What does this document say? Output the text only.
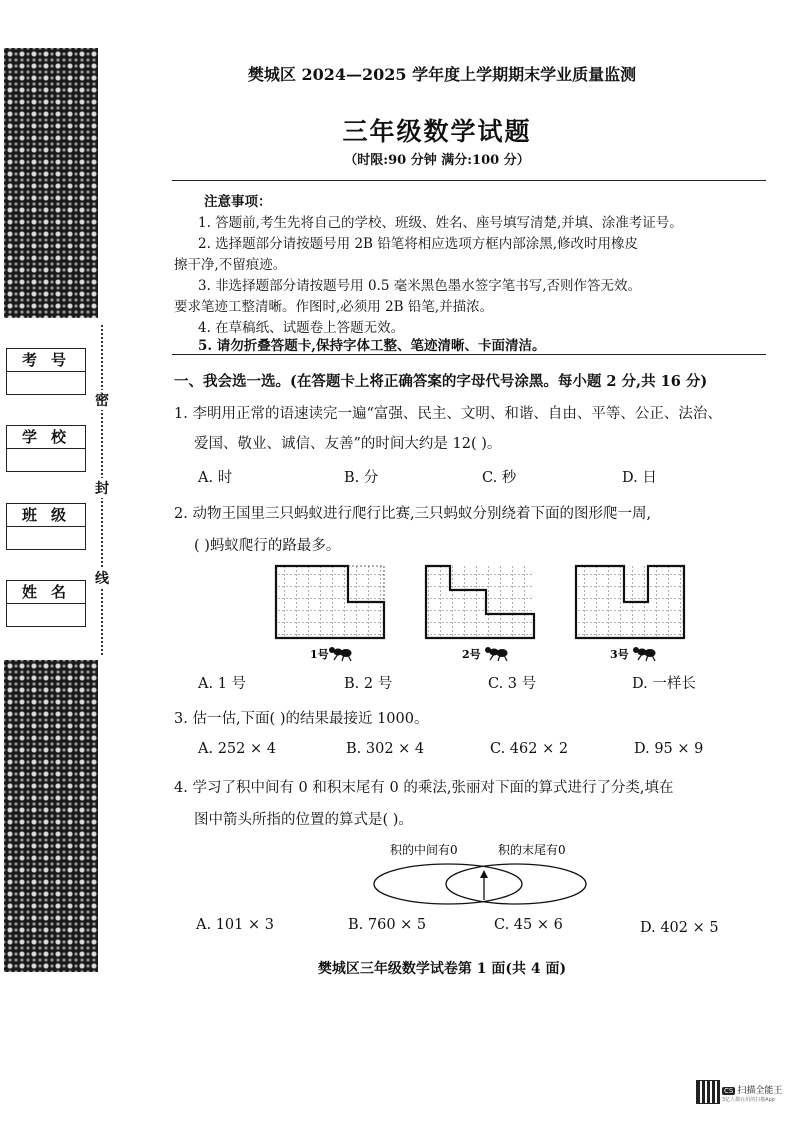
考号
学校
班级
姓名
密
封
线
樊城区 2024—2025 学年度上学期期末学业质量监测
三年级数学试题
（时限:90 分钟 满分:100 分）
注意事项：
1. 答题前,考生先将自己的学校、班级、姓名、座号填写清楚,并填、涂准考证号。
2. 选择题部分请按题号用 2B 铅笔将相应选项方框内部涂黑,修改时用橡皮
擦干净,不留痕迹。
3. 非选择题部分请按题号用 0.5 毫米黑色墨水签字笔书写,否则作答无效。
要求笔迹工整清晰。作图时,必须用 2B 铅笔,并描浓。
4. 在草稿纸、试题卷上答题无效。
5. 请勿折叠答题卡,保持字体工整、笔迹清晰、卡面清洁。
一、我会选一选。(在答题卡上将正确答案的字母代号涂黑。每小题 2 分,共 16 分)
1. 李明用正常的语速读完一遍“富强、民主、文明、和谐、自由、平等、公正、法治、
爱国、敬业、诚信、友善”的时间大约是 12( )。
A. 时	B. 分	C. 秒	D. 日
2. 动物王国里三只蚂蚁进行爬行比赛,三只蚂蚁分别绕着下面的图形爬一周,
( )蚂蚁爬行的路最多。
1号	2号	3号
A. 1 号	B. 2 号	C. 3 号	D. 一样长
3. 估一估,下面( )的结果最接近 1000。
A. 252 × 4	B. 302 × 4	C. 462 × 2	D. 95 × 9
4. 学习了积中间有 0 和积末尾有 0 的乘法,张丽对下面的算式进行了分类,填在
图中箭头所指的位置的算式是( )。
积的中间有0	积的末尾有0
A. 101 × 3	B. 760 × 5	C. 45 × 6	D. 402 × 5
樊城区三年级数学试卷第 1 面(共 4 面)
CS 扫描全能王
3亿人都在用的扫描App
